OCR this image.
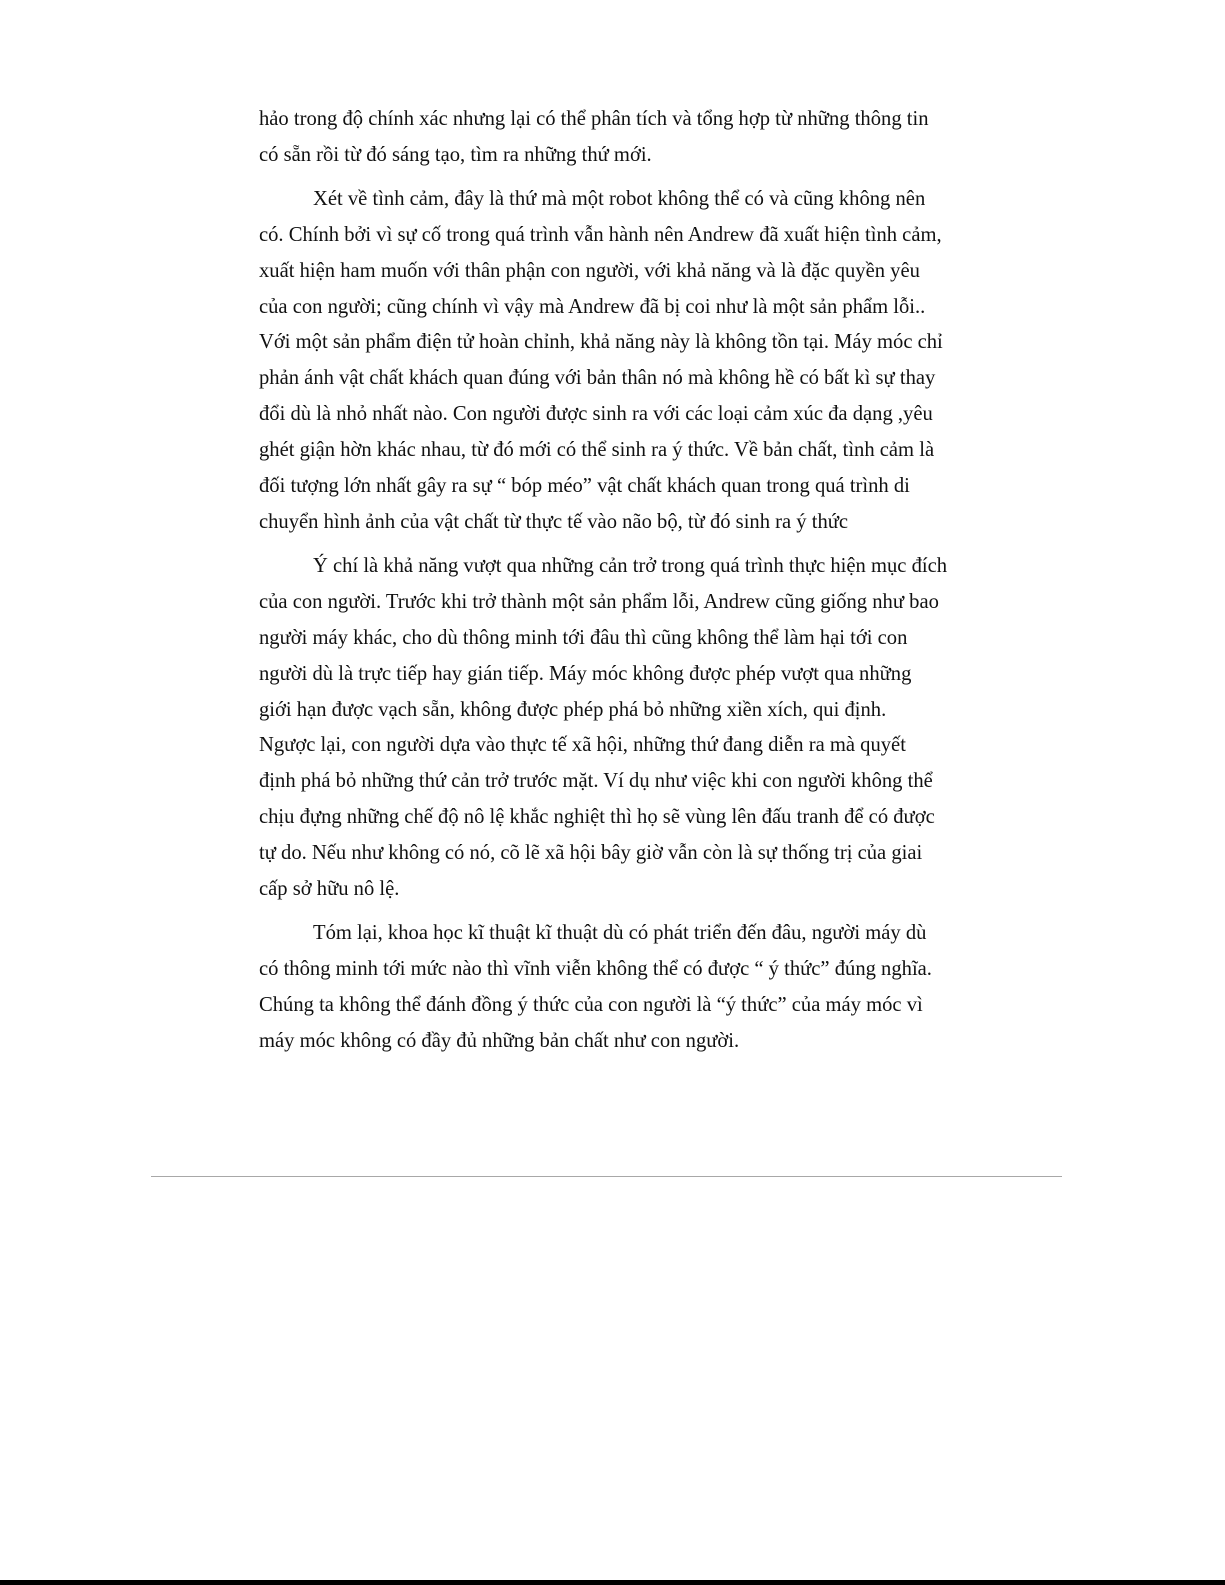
hảo trong độ chính xác nhưng lại có thể phân tích và tổng hợp từ những thông tin
có sẵn rồi từ đó sáng tạo, tìm ra những thứ mới.
Xét về tình cảm, đây là thứ mà một robot không thể có và cũng không nên
có. Chính bởi vì sự cố trong quá trình vẫn hành nên Andrew đã xuất hiện tình cảm,
xuất hiện ham muốn với thân phận con người, với khả năng và là đặc quyền yêu
của con người; cũng chính vì vậy mà Andrew đã bị coi như là một sản phẩm lỗi..
Với một sản phẩm điện tử hoàn chỉnh, khả năng này là không tồn tại. Máy móc chỉ
phản ánh vật chất khách quan đúng với bản thân nó mà không hề có bất kì sự thay
đổi dù là nhỏ nhất nào. Con người được sinh ra với các loại cảm xúc đa dạng ,yêu
ghét giận hờn khác nhau, từ đó mới có thể sinh ra ý thức. Về bản chất, tình cảm là
đối tượng lớn nhất gây ra sự “ bóp méo” vật chất khách quan trong quá trình di
chuyển hình ảnh của vật chất từ thực tế vào não bộ, từ đó sinh ra ý thức
Ý chí là khả năng vượt qua những cản trở trong quá trình thực hiện mục đích
của con người. Trước khi trở thành một sản phẩm lỗi, Andrew cũng giống như bao
người máy khác, cho dù thông minh tới đâu thì cũng không thể làm hại tới con
người dù là trực tiếp hay gián tiếp. Máy móc không được phép vượt qua những
giới hạn được vạch sẵn, không được phép phá bỏ những xiền xích, qui định.
Ngược lại, con người dựa vào thực tế xã hội, những thứ đang diễn ra mà quyết
định phá bỏ những thứ cản trở trước mặt. Ví dụ như việc khi con người không thể
chịu đựng những chế độ nô lệ khắc nghiệt thì họ sẽ vùng lên đấu tranh để có được
tự do. Nếu như không có nó, cõ lẽ xã hội bây giờ vẫn còn là sự thống trị của giai
cấp sở hữu nô lệ.
Tóm lại, khoa học kĩ thuật kĩ thuật dù có phát triển đến đâu, người máy dù
có thông minh tới mức nào thì vĩnh viễn không thể có được “ ý thức” đúng nghĩa.
Chúng ta không thể đánh đồng ý thức của con người là “ý thức” của máy móc vì
máy móc không có đầy đủ những bản chất như con người.
